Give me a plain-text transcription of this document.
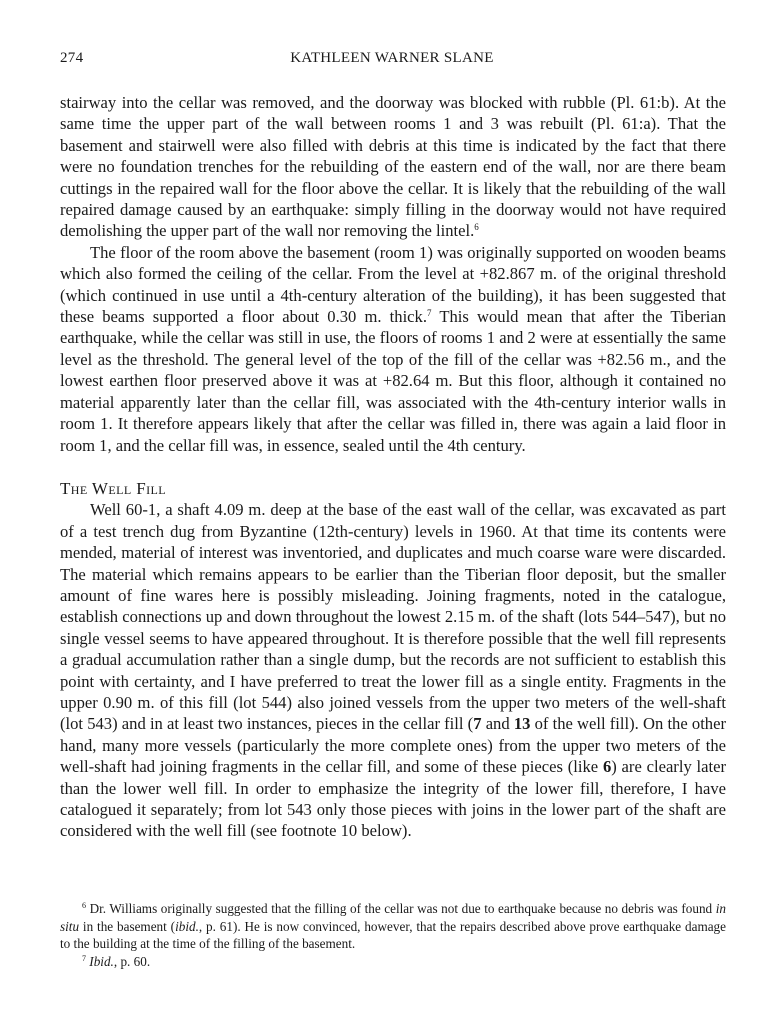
274	KATHLEEN WARNER SLANE

stairway into the cellar was removed, and the doorway was blocked with rubble (Pl. 61:b). At the same time the upper part of the wall between rooms 1 and 3 was rebuilt (Pl. 61:a). That the basement and stairwell were also filled with debris at this time is indicated by the fact that there were no foundation trenches for the rebuilding of the eastern end of the wall, nor are there beam cuttings in the repaired wall for the floor above the cellar. It is likely that the rebuilding of the wall repaired damage caused by an earthquake: simply filling in the doorway would not have required demolishing the upper part of the wall nor removing the lintel.$^6$

The floor of the room above the basement (room 1) was originally supported on wooden beams which also formed the ceiling of the cellar. From the level at +82.867 m. of the original threshold (which continued in use until a 4th-century alteration of the building), it has been suggested that these beams supported a floor about 0.30 m. thick.$^7$ This would mean that after the Tiberian earthquake, while the cellar was still in use, the floors of rooms 1 and 2 were at essentially the same level as the threshold. The general level of the top of the fill of the cellar was +82.56 m., and the lowest earthen floor preserved above it was at +82.64 m. But this floor, although it contained no material apparently later than the cellar fill, was associated with the 4th-century interior walls in room 1. It therefore appears likely that after the cellar was filled in, there was again a laid floor in room 1, and the cellar fill was, in essence, sealed until the 4th century.

The Well Fill

Well 60-1, a shaft 4.09 m. deep at the base of the east wall of the cellar, was excavated as part of a test trench dug from Byzantine (12th-century) levels in 1960. At that time its contents were mended, material of interest was inventoried, and duplicates and much coarse ware were discarded. The material which remains appears to be earlier than the Tiberian floor deposit, but the smaller amount of fine wares here is possibly misleading. Joining fragments, noted in the catalogue, establish connections up and down throughout the lowest 2.15 m. of the shaft (lots 544–547), but no single vessel seems to have appeared throughout. It is therefore possible that the well fill represents a gradual accumulation rather than a single dump, but the records are not sufficient to establish this point with certainty, and I have preferred to treat the lower fill as a single entity. Fragments in the upper 0.90 m. of this fill (lot 544) also joined vessels from the upper two meters of the well-shaft (lot 543) and in at least two instances, pieces in the cellar fill (7 and 13 of the well fill). On the other hand, many more vessels (particularly the more complete ones) from the upper two meters of the well-shaft had joining fragments in the cellar fill, and some of these pieces (like 6) are clearly later than the lower well fill. In order to emphasize the integrity of the lower fill, therefore, I have catalogued it separately; from lot 543 only those pieces with joins in the lower part of the shaft are considered with the well fill (see footnote 10 below).

$^6$ Dr. Williams originally suggested that the filling of the cellar was not due to earthquake because no debris was found in situ in the basement (ibid., p. 61). He is now convinced, however, that the repairs described above prove earthquake damage to the building at the time of the filling of the basement.

$^7$ Ibid., p. 60.
